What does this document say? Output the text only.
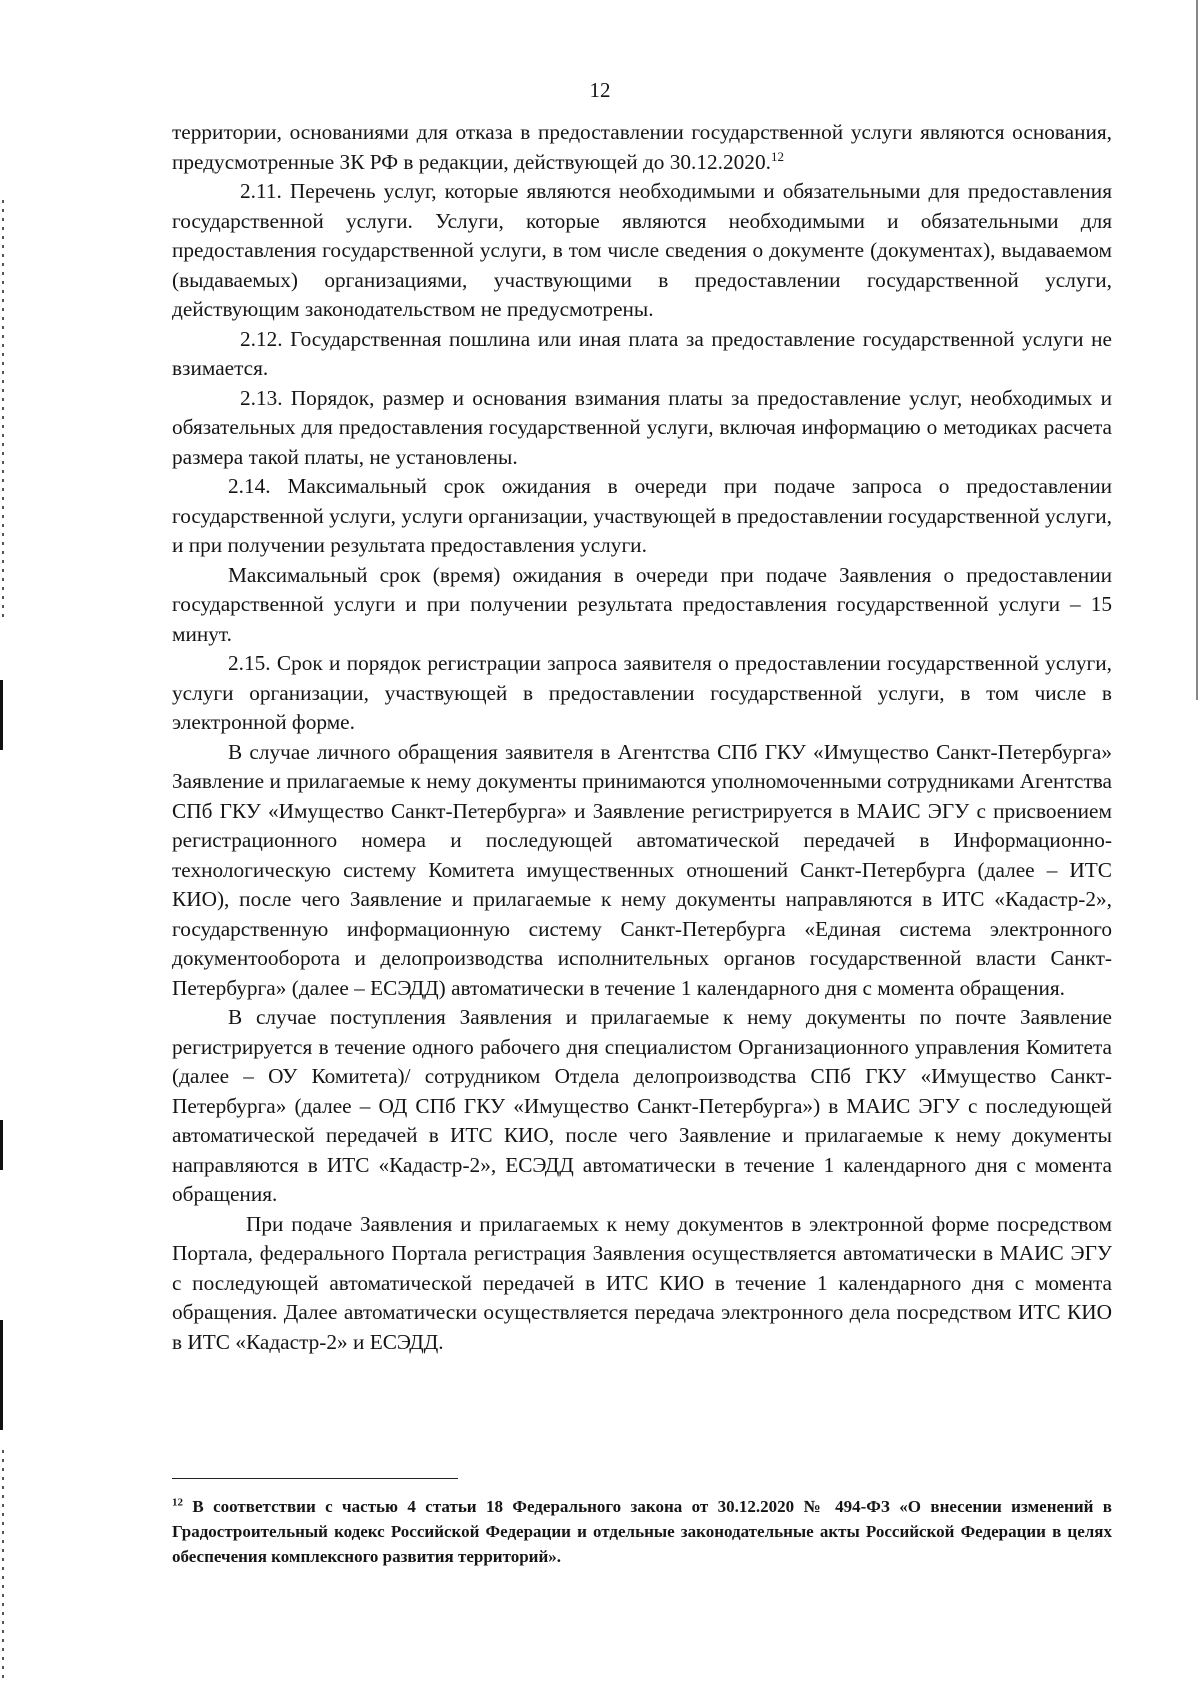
12

территории, основаниями для отказа в предоставлении государственной услуги являются основания, предусмотренные ЗК РФ в редакции, действующей до 30.12.2020.12

2.11. Перечень услуг, которые являются необходимыми и обязательными для предоставления государственной услуги. Услуги, которые являются необходимыми и обязательными для предоставления государственной услуги, в том числе сведения о документе (документах), выдаваемом (выдаваемых) организациями, участвующими в предоставлении государственной услуги, действующим законодательством не предусмотрены.

2.12. Государственная пошлина или иная плата за предоставление государственной услуги не взимается.

2.13. Порядок, размер и основания взимания платы за предоставление услуг, необходимых и обязательных для предоставления государственной услуги, включая информацию о методиках расчета размера такой платы, не установлены.

2.14. Максимальный срок ожидания в очереди при подаче запроса о предоставлении государственной услуги, услуги организации, участвующей в предоставлении государственной услуги, и при получении результата предоставления услуги.

Максимальный срок (время) ожидания в очереди при подаче Заявления о предоставлении государственной услуги и при получении результата предоставления государственной услуги – 15 минут.

2.15. Срок и порядок регистрации запроса заявителя о предоставлении государственной услуги, услуги организации, участвующей в предоставлении государственной услуги, в том числе в электронной форме.

В случае личного обращения заявителя в Агентства СПб ГКУ «Имущество Санкт-Петербурга» Заявление и прилагаемые к нему документы принимаются уполномоченными сотрудниками Агентства СПб ГКУ «Имущество Санкт-Петербурга» и Заявление регистрируется в МАИС ЭГУ с присвоением регистрационного номера и последующей автоматической передачей в Информационно-технологическую систему Комитета имущественных отношений Санкт-Петербурга (далее – ИТС КИО), после чего Заявление и прилагаемые к нему документы направляются в ИТС «Кадастр-2», государственную информационную систему Санкт-Петербурга «Единая система электронного документооборота и делопроизводства исполнительных органов государственной власти Санкт-Петербурга» (далее – ЕСЭДД) автоматически в течение 1 календарного дня с момента обращения.

В случае поступления Заявления и прилагаемые к нему документы по почте Заявление регистрируется в течение одного рабочего дня специалистом Организационного управления Комитета (далее – ОУ Комитета)/ сотрудником Отдела делопроизводства СПб ГКУ «Имущество Санкт-Петербурга» (далее – ОД СПб ГКУ «Имущество Санкт-Петербурга») в МАИС ЭГУ с последующей автоматической передачей в ИТС КИО, после чего Заявление и прилагаемые к нему документы направляются в ИТС «Кадастр-2», ЕСЭДД автоматически в течение 1 календарного дня с момента обращения.

При подаче Заявления и прилагаемых к нему документов в электронной форме посредством Портала, федерального Портала регистрация Заявления осуществляется автоматически в МАИС ЭГУ с последующей автоматической передачей в ИТС КИО в течение 1 календарного дня с момента обращения. Далее автоматически осуществляется передача электронного дела посредством ИТС КИО в ИТС «Кадастр-2» и ЕСЭДД.

$^{12}$ В соответствии с частью 4 статьи 18 Федерального закона от 30.12.2020 № 494-ФЗ «О внесении изменений в Градостроительный кодекс Российской Федерации и отдельные законодательные акты Российской Федерации в целях обеспечения комплексного развития территорий».
